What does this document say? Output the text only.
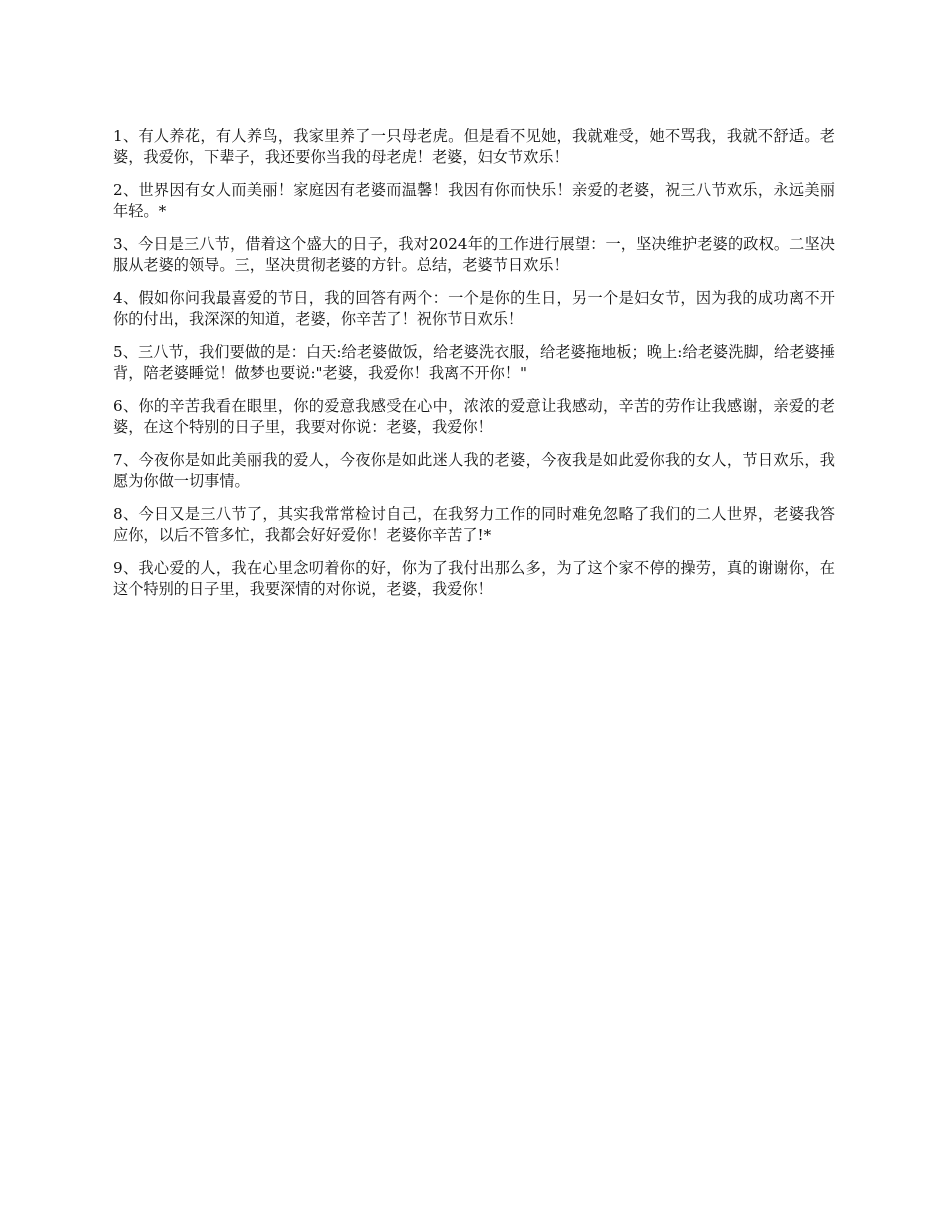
1、有人养花，有人养鸟，我家里养了一只母老虎。但是看不见她，我就难受，她不骂我，我就不舒适。老婆，我爱你，下辈子，我还要你当我的母老虎！老婆，妇女节欢乐！

2、世界因有女人而美丽！家庭因有老婆而温馨！我因有你而快乐！亲爱的老婆，祝三八节欢乐，永远美丽年轻。*

3、今日是三八节，借着这个盛大的日子，我对2024年的工作进行展望：一，坚决维护老婆的政权。二坚决服从老婆的领导。三，坚决贯彻老婆的方针。总结，老婆节日欢乐！

4、假如你问我最喜爱的节日，我的回答有两个：一个是你的生日，另一个是妇女节，因为我的成功离不开你的付出，我深深的知道，老婆，你辛苦了！祝你节日欢乐！

5、三八节，我们要做的是：白天:给老婆做饭，给老婆洗衣服，给老婆拖地板；晚上:给老婆洗脚，给老婆捶背，陪老婆睡觉！做梦也要说:"老婆，我爱你！我离不开你！"

6、你的辛苦我看在眼里，你的爱意我感受在心中，浓浓的爱意让我感动，辛苦的劳作让我感谢，亲爱的老婆，在这个特别的日子里，我要对你说：老婆，我爱你！

7、今夜你是如此美丽我的爱人，今夜你是如此迷人我的老婆，今夜我是如此爱你我的女人，节日欢乐，我愿为你做一切事情。

8、今日又是三八节了，其实我常常检讨自己，在我努力工作的同时难免忽略了我们的二人世界，老婆我答应你，以后不管多忙，我都会好好爱你！老婆你辛苦了!*

9、我心爱的人，我在心里念叨着你的好，你为了我付出那么多，为了这个家不停的操劳，真的谢谢你，在这个特别的日子里，我要深情的对你说，老婆，我爱你！
